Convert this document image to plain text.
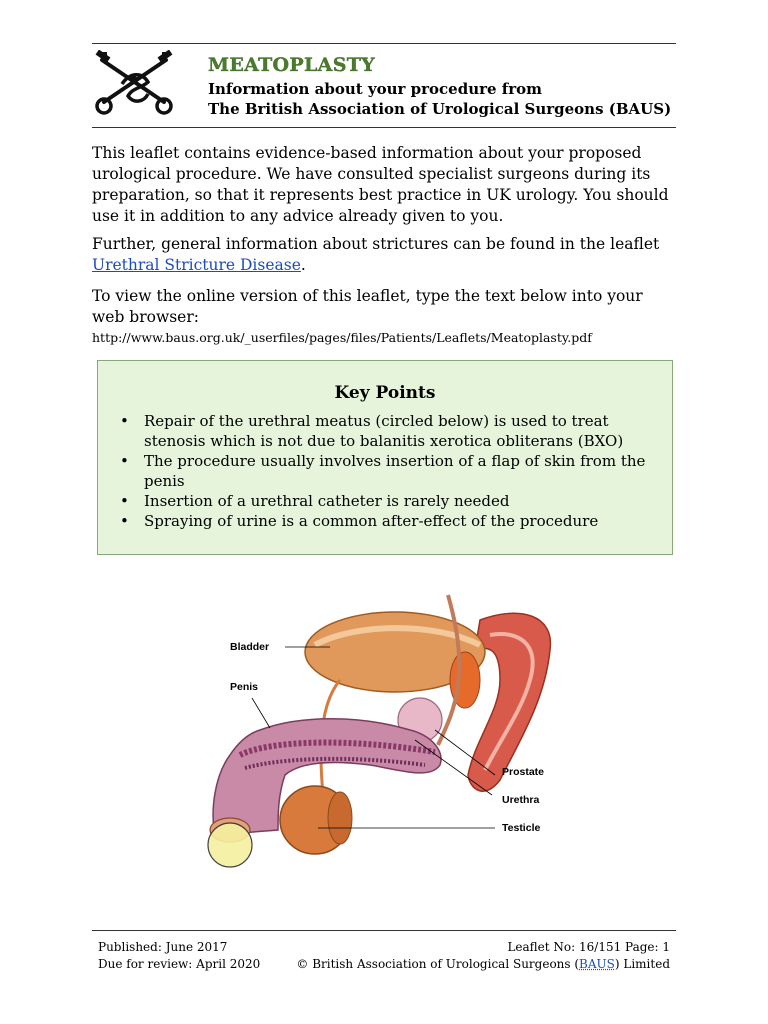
MEATOPLASTY
Information about your procedure from
The British Association of Urological Surgeons (BAUS)
This leaflet contains evidence-based information about your proposed urological procedure. We have consulted specialist surgeons during its preparation, so that it represents best practice in UK urology. You should use it in addition to any advice already given to you.
Further, general information about strictures can be found in the leaflet Urethral Stricture Disease.
To view the online version of this leaflet, type the text below into your web browser:
http://www.baus.org.uk/_userfiles/pages/files/Patients/Leaflets/Meatoplasty.pdf
Key Points
• Repair of the urethral meatus (circled below) is used to treat stenosis which is not due to balanitis xerotica obliterans (BXO)
• The procedure usually involves insertion of a flap of skin from the penis
• Insertion of a urethral catheter is rarely needed
• Spraying of urine is a common after-effect of the procedure
Bladder
Penis
Prostate
Urethra
Testicle
Published: June 2017
Due for review: April 2020
Leaflet No: 16/151 Page: 1
© British Association of Urological Surgeons (BAUS) Limited
